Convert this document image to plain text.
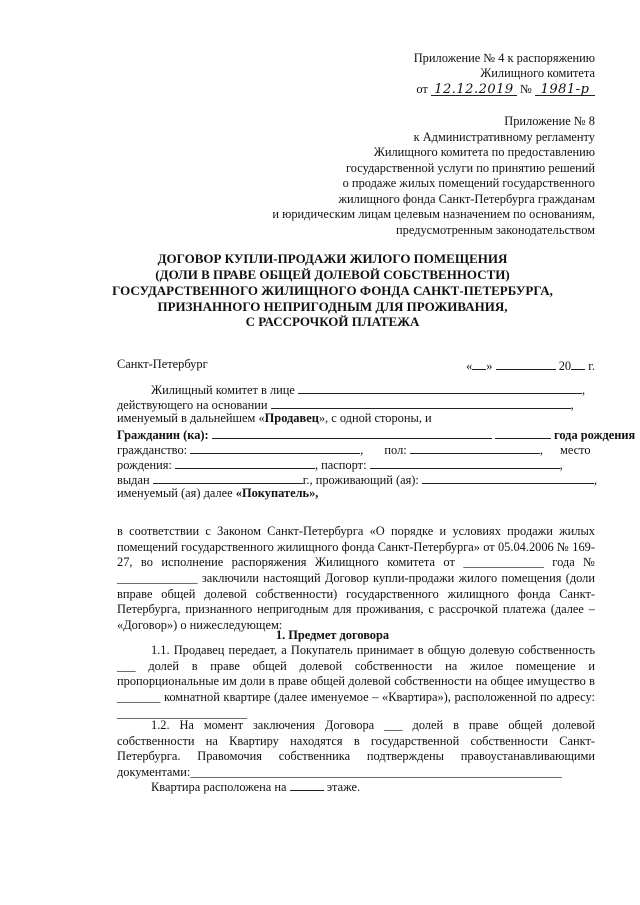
Приложение № 4 к распоряжению
Жилищного комитета
от 12.12.2019 № 1981-р
Приложение № 8
к Административному регламенту
Жилищного комитета по предоставлению
государственной услуги по принятию решений
о продаже жилых помещений государственного
жилищного фонда Санкт-Петербурга гражданам
и юридическим лицам целевым назначением по основаниям,
предусмотренным законодательством
ДОГОВОР КУПЛИ-ПРОДАЖИ ЖИЛОГО ПОМЕЩЕНИЯ
(ДОЛИ В ПРАВЕ ОБЩЕЙ ДОЛЕВОЙ СОБСТВЕННОСТИ)
ГОСУДАРСТВЕННОГО ЖИЛИЩНОГО ФОНДА САНКТ-ПЕТЕРБУРГА,
ПРИЗНАННОГО НЕПРИГОДНЫМ ДЛЯ ПРОЖИВАНИЯ,
С РАССРОЧКОЙ ПЛАТЕЖА
Санкт-Петербург	« »	20 г.
Жилищный комитет в лице	,
действующего на основании	,
именуемый в дальнейшем «Продавец», с одной стороны, и
Гражданин (ка):	года рождения
гражданство:	, пол:	, место
рождения:	, паспорт:	,
выдан	г., проживающий (ая):	,
именуемый (ая) далее «Покупатель»,
в соответствии с Законом Санкт-Петербурга «О порядке и условиях продажи жилых помещений государственного жилищного фонда Санкт-Петербурга» от 05.04.2006 № 169-27, во исполнение распоряжения Жилищного комитета от _____________ года № _____________ заключили настоящий Договор купли-продажи жилого помещения (доли вправе общей долевой собственности) государственного жилищного фонда Санкт-Петербурга, признанного непригодным для проживания, с рассрочкой платежа (далее – «Договор») о нижеследующем:
1. Предмет договора
1.1. Продавец передает, а Покупатель принимает в общую долевую собственность ___ долей в праве общей долевой собственности на жилое помещение и пропорциональные им доли в праве общей долевой собственности на общее имущество в _______ комнатной квартире (далее именуемое – «Квартира»), расположенной по адресу: _____________________
1.2. На момент заключения Договора ___ долей в праве общей долевой собственности на Квартиру находятся в государственной собственности Санкт-Петербурга. Правомочия собственника подтверждены правоустанавливающими документами:____________________________________________________________
Квартира расположена на	этаже.
